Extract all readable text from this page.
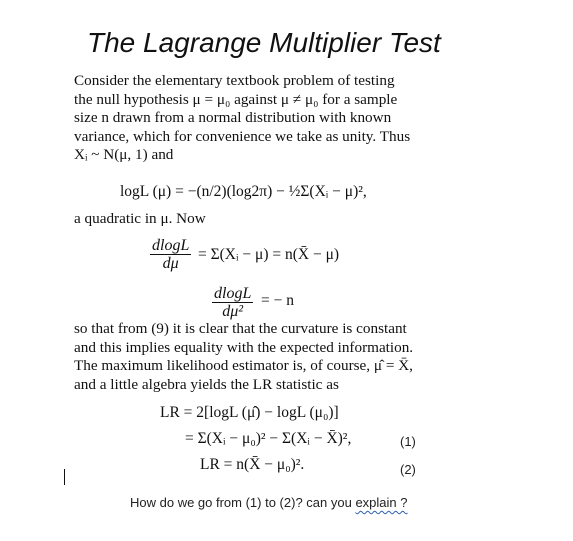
The Lagrange Multiplier Test
Consider the elementary textbook problem of testing
the null hypothesis μ = μ₀ against μ ≠ μ₀ for a sample
size n drawn from a normal distribution with known
variance, which for convenience we take as unity. Thus
Xᵢ ~ N(μ, 1) and
logL (μ) = −(n/2)(log2π) − ½Σ(Xᵢ − μ)²,
a quadratic in μ. Now
$\frac{dlogL}{d\mu}$ = Σ(Xᵢ − μ) = n(X̄ − μ)
$\frac{dlogL}{\text{dμ²}}$ = − n
so that from (9) it is clear that the curvature is constant
and this implies equality with the expected information.
The maximum likelihood estimator is, of course, μ̂ = X̄,
and a little algebra yields the LR statistic as
LR = 2[logL (μ̂) − logL (μ₀)]
= Σ(Xᵢ − μ₀)² − Σ(Xᵢ − X̄)²,	(1)
LR = n(X̄ − μ₀)².	(2)
How do we go from (1) to (2)? can you explain ?
